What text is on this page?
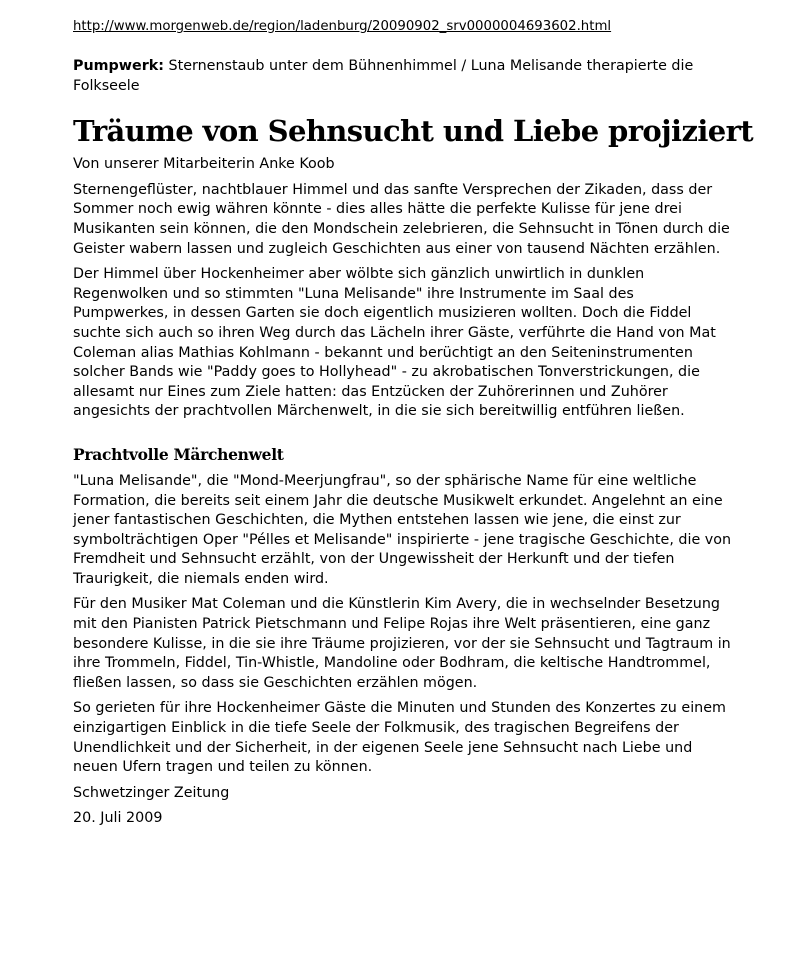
http://www.morgenweb.de/region/ladenburg/20090902_srv0000004693602.html
Pumpwerk: Sternenstaub unter dem Bühnenhimmel / Luna Melisande therapierte die Folkseele
Träume von Sehnsucht und Liebe projiziert

Von unserer Mitarbeiterin Anke Koob

Sternengeflüster, nachtblauer Himmel und das sanfte Versprechen der Zikaden, dass der Sommer noch ewig währen könnte - dies alles hätte die perfekte Kulisse für jene drei Musikanten sein können, die den Mondschein zelebrieren, die Sehnsucht in Tönen durch die Geister wabern lassen und zugleich Geschichten aus einer von tausend Nächten erzählen.

Der Himmel über Hockenheimer aber wölbte sich gänzlich unwirtlich in dunklen Regenwolken und so stimmten "Luna Melisande" ihre Instrumente im Saal des Pumpwerkes, in dessen Garten sie doch eigentlich musizieren wollten. Doch die Fiddel suchte sich auch so ihren Weg durch das Lächeln ihrer Gäste, verführte die Hand von Mat Coleman alias Mathias Kohlmann - bekannt und berüchtigt an den Seiteninstrumenten solcher Bands wie "Paddy goes to Hollyhead" - zu akrobatischen Tonverstrickungen, die allesamt nur Eines zum Ziele hatten: das Entzücken der Zuhörerinnen und Zuhörer angesichts der prachtvollen Märchenwelt, in die sie sich bereitwillig entführen ließen.

Prachtvolle Märchenwelt

"Luna Melisande", die "Mond-Meerjungfrau", so der sphärische Name für eine weltliche Formation, die bereits seit einem Jahr die deutsche Musikwelt erkundet. Angelehnt an eine jener fantastischen Geschichten, die Mythen entstehen lassen wie jene, die einst zur symbolträchtigen Oper "Pélles et Melisande" inspirierte - jene tragische Geschichte, die von Fremdheit und Sehnsucht erzählt, von der Ungewissheit der Herkunft und der tiefen Traurigkeit, die niemals enden wird.

Für den Musiker Mat Coleman und die Künstlerin Kim Avery, die in wechselnder Besetzung mit den Pianisten Patrick Pietschmann und Felipe Rojas ihre Welt präsentieren, eine ganz besondere Kulisse, in die sie ihre Träume projizieren, vor der sie Sehnsucht und Tagtraum in ihre Trommeln, Fiddel, Tin-Whistle, Mandoline oder Bodhram, die keltische Handtrommel, fließen lassen, so dass sie Geschichten erzählen mögen.

So gerieten für ihre Hockenheimer Gäste die Minuten und Stunden des Konzertes zu einem einzigartigen Einblick in die tiefe Seele der Folkmusik, des tragischen Begreifens der Unendlichkeit und der Sicherheit, in der eigenen Seele jene Sehnsucht nach Liebe und neuen Ufern tragen und teilen zu können.

Schwetzinger Zeitung

20. Juli 2009
